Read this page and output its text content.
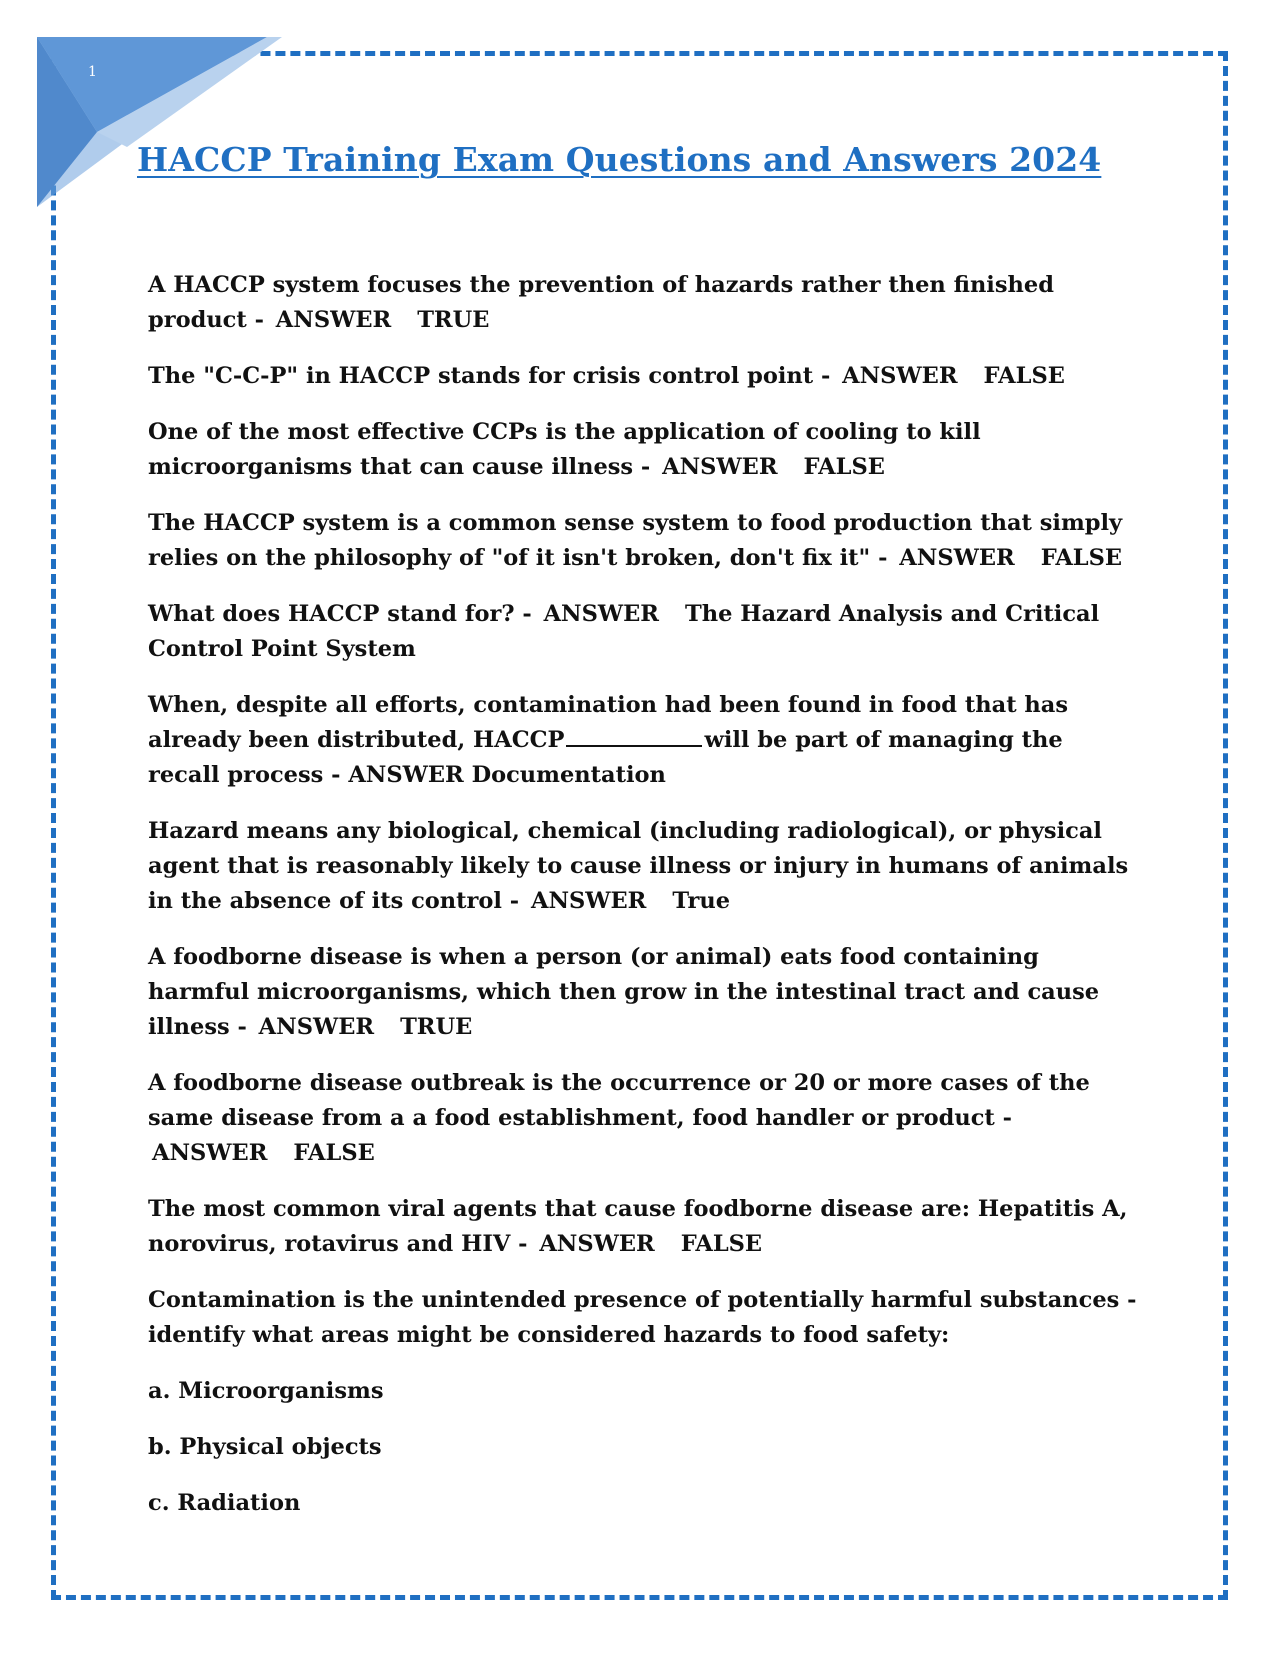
1
HACCP Training Exam Questions and Answers 2024

A HACCP system focuses the prevention of hazards rather then finished product - ANSWER TRUE

The "C-C-P" in HACCP stands for crisis control point - ANSWER FALSE

One of the most effective CCPs is the application of cooling to kill microorganisms that can cause illness - ANSWER FALSE

The HACCP system is a common sense system to food production that simply relies on the philosophy of "of it isn't broken, don't fix it" - ANSWER FALSE

What does HACCP stand for? - ANSWER The Hazard Analysis and Critical Control Point System

When, despite all efforts, contamination had been found in food that has already been distributed, HACCP	will be part of managing the recall process - ANSWER Documentation

Hazard means any biological, chemical (including radiological), or physical agent that is reasonably likely to cause illness or injury in humans of animals in the absence of its control - ANSWER True

A foodborne disease is when a person (or animal) eats food containing harmful microorganisms, which then grow in the intestinal tract and cause illness - ANSWER TRUE

A foodborne disease outbreak is the occurrence or 20 or more cases of the same disease from a a food establishment, food handler or product - ANSWER FALSE

The most common viral agents that cause foodborne disease are: Hepatitis A, norovirus, rotavirus and HIV - ANSWER FALSE

Contamination is the unintended presence of potentially harmful substances - identify what areas might be considered hazards to food safety:

a. Microorganisms

b. Physical objects

c. Radiation
